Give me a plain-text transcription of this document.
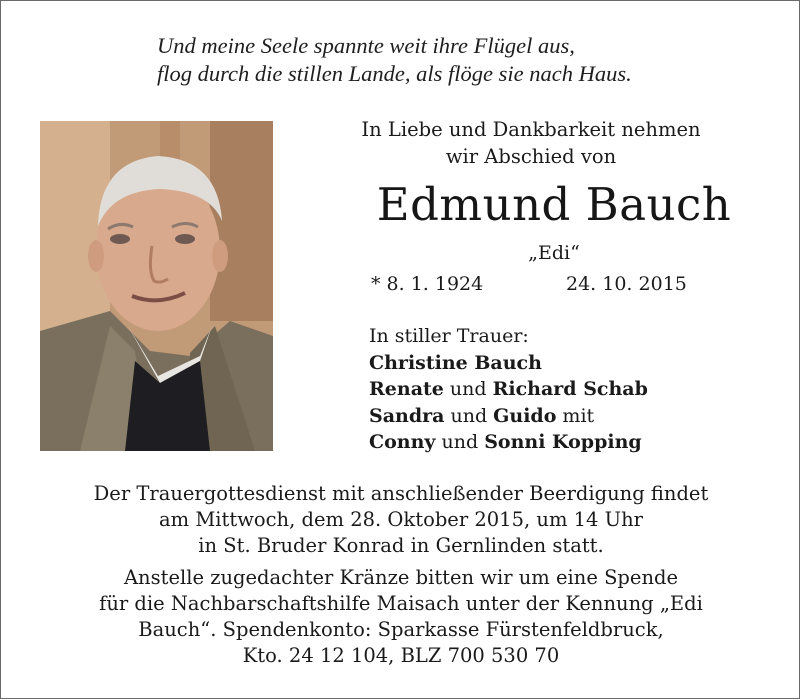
Und meine Seele spannte weit ihre Flügel aus,
flog durch die stillen Lande, als flöge sie nach Haus.
In Liebe und Dankbarkeit nehmen
wir Abschied von
Edmund Bauch
„Edi“
* 8. 1. 1924	24. 10. 2015
In stiller Trauer:
Christine Bauch
Renate und Richard Schab
Sandra und Guido mit
Conny und Sonni Kopping
Der Trauergottesdienst mit anschließender Beerdigung findet
am Mittwoch, dem 28. Oktober 2015, um 14 Uhr
in St. Bruder Konrad in Gernlinden statt.
Anstelle zugedachter Kränze bitten wir um eine Spende
für die Nachbarschaftshilfe Maisach unter der Kennung „Edi
Bauch“. Spendenkonto: Sparkasse Fürstenfeldbruck,
Kto. 24 12 104, BLZ 700 530 70
